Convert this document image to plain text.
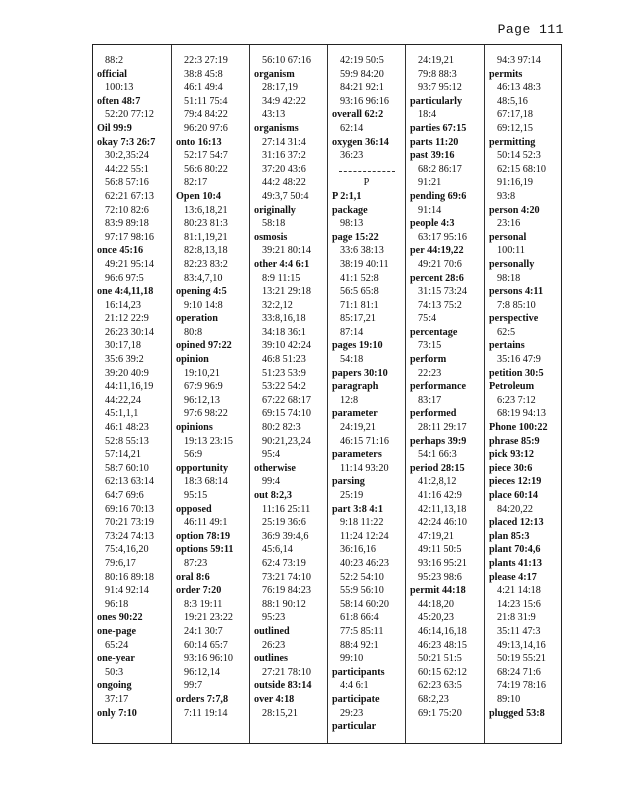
Page 111
88:2
official
100:13
often 48:7
52:20 77:12
Oil 99:9
okay 7:3 26:7
30:2,35:24
44:22 55:1
56:8 57:16
62:21 67:13
72:10 82:6
83:9 89:18
97:17 98:16
once 45:16
49:21 95:14
96:6 97:5
one 4:4,11,18
16:14,23
21:12 22:9
26:23 30:14
30:17,18
35:6 39:2
39:20 40:9
44:11,16,19
44:22,24
45:1,1,1
46:1 48:23
52:8 55:13
57:14,21
58:7 60:10
62:13 63:14
64:7 69:6
69:16 70:13
70:21 73:19
73:24 74:13
75:4,16,20
79:6,17
80:16 89:18
91:4 92:14
96:18
ones 90:22
one-page
65:24
one-year
50:3
ongoing
37:17
only 7:10
22:3 27:19
38:8 45:8
46:1 49:4
51:11 75:4
79:4 84:22
96:20 97:6
onto 16:13
52:17 54:7
56:6 80:22
82:17
Open 10:4
13:6,18,21
80:23 81:3
81:1,19,21
82:8,13,18
82:23 83:2
83:4,7,10
opening 4:5
9:10 14:8
operation
80:8
opined 97:22
opinion
19:10,21
67:9 96:9
96:12,13
97:6 98:22
opinions
19:13 23:15
56:9
opportunity
18:3 68:14
95:15
opposed
46:11 49:1
option 78:19
options 59:11
87:23
oral 8:6
order 7:20
8:3 19:11
19:21 23:22
24:1 30:7
60:14 65:7
93:16 96:10
96:12,14
99:7
orders 7:7,8
7:11 19:14
56:10 67:16
organism
28:17,19
34:9 42:22
43:13
organisms
27:14 31:4
31:16 37:2
37:20 43:6
44:2 48:22
49:3,7 50:4
originally
58:18
osmosis
39:21 80:14
other 4:4 6:1
8:9 11:15
13:21 29:18
32:2,12
33:8,16,18
34:18 36:1
39:10 42:24
46:8 51:23
51:23 53:9
53:22 54:2
67:22 68:17
69:15 74:10
80:2 82:3
90:21,23,24
95:4
otherwise
99:4
out 8:2,3
11:16 25:11
25:19 36:6
36:9 39:4,6
45:6,14
62:4 73:19
73:21 74:10
76:19 84:23
88:1 90:12
95:23
outlined
26:23
outlines
27:21 78:10
outside 83:14
over 4:18
28:15,21
42:19 50:5
59:9 84:20
84:21 92:1
93:16 96:16
overall 62:2
62:14
oxygen 36:14
36:23
P
P 2:1,1
package
98:13
page 15:22
33:6 38:13
38:19 40:11
41:1 52:8
56:5 65:8
71:1 81:1
85:17,21
87:14
pages 19:10
54:18
papers 30:10
paragraph
12:8
parameter
24:19,21
46:15 71:16
parameters
11:14 93:20
parsing
25:19
part 3:8 4:1
9:18 11:22
11:24 12:24
36:16,16
40:23 46:23
52:2 54:10
55:9 56:10
58:14 60:20
61:8 66:4
77:5 85:11
88:4 92:1
99:10
participants
4:4 6:1
participate
29:23
particular
24:19,21
79:8 88:3
93:7 95:12
particularly
18:4
parties 67:15
parts 11:20
past 39:16
68:2 86:17
91:21
pending 69:6
91:14
people 4:3
63:17 95:16
per 44:19,22
49:21 70:6
percent 28:6
31:15 73:24
74:13 75:2
75:4
percentage
73:15
perform
22:23
performance
83:17
performed
28:11 29:17
perhaps 39:9
54:1 66:3
period 28:15
41:2,8,12
41:16 42:9
42:11,13,18
42:24 46:10
47:19,21
49:11 50:5
93:16 95:21
95:23 98:6
permit 44:18
44:18,20
45:20,23
46:14,16,18
46:23 48:15
50:21 51:5
60:15 62:12
62:23 63:5
68:2,23
69:1 75:20
94:3 97:14
permits
46:13 48:3
48:5,16
67:17,18
69:12,15
permitting
50:14 52:3
62:15 68:10
91:16,19
93:8
person 4:20
23:16
personal
100:11
personally
98:18
persons 4:11
7:8 85:10
perspective
62:5
pertains
35:16 47:9
petition 30:5
Petroleum
6:23 7:12
68:19 94:13
Phone 100:22
phrase 85:9
pick 93:12
piece 30:6
pieces 12:19
place 60:14
84:20,22
placed 12:13
plan 85:3
plant 70:4,6
plants 41:13
please 4:17
4:21 14:18
14:23 15:6
21:8 31:9
35:11 47:3
49:13,14,16
50:19 55:21
68:24 71:6
74:19 78:16
89:10
plugged 53:8
